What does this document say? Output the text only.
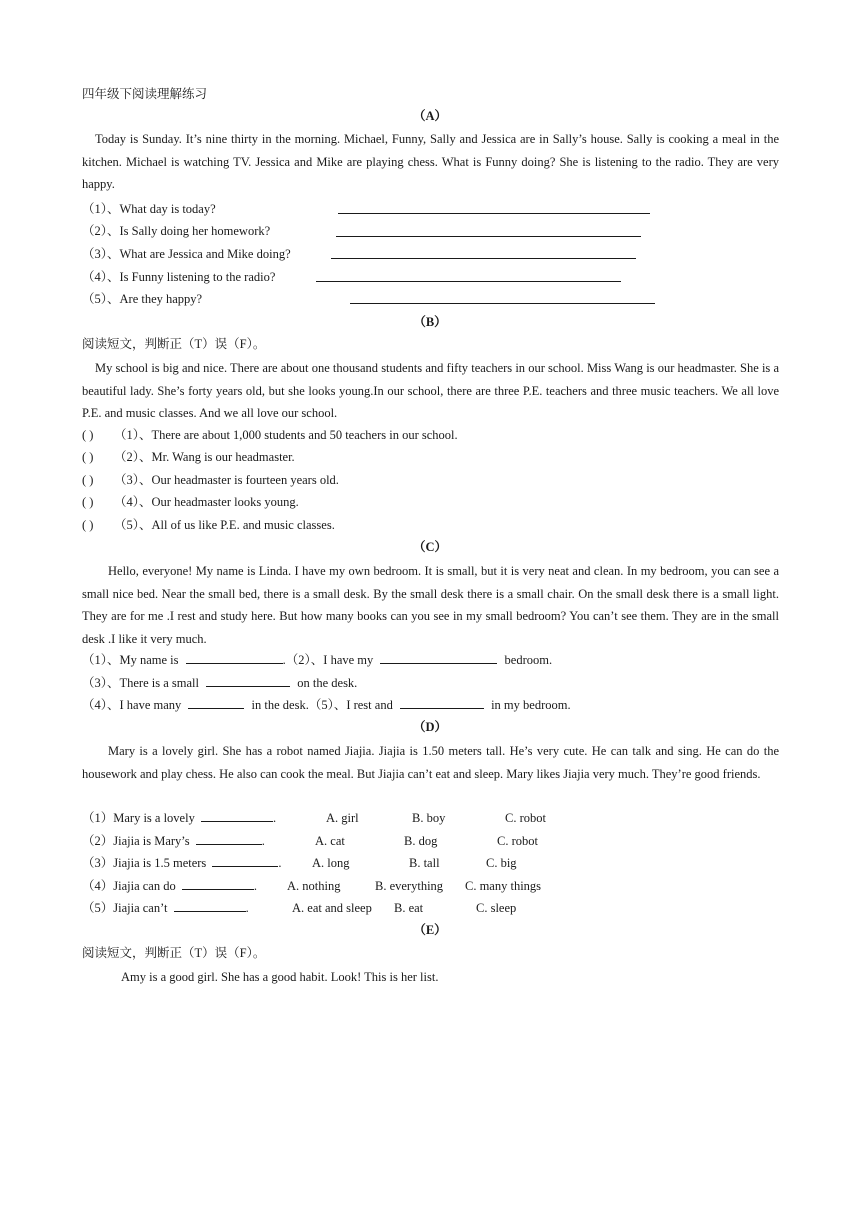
四年级下阅读理解练习
（A）
Today is Sunday. It’s nine thirty in the morning. Michael, Funny, Sally and Jessica are in Sally’s house. Sally is cooking a meal in the kitchen. Michael is watching TV. Jessica and Mike are playing chess. What is Funny doing? She is listening to the radio. They are very happy.
（1）、What day is today?
（2）、Is Sally doing her homework?
（3）、What are Jessica and Mike doing?
（4）、Is Funny listening to the radio?
（5）、Are they happy?
（B）
阅读短文，判断正（T）误（F）。
My school is big and nice. There are about one thousand students and fifty teachers in our school. Miss Wang is our headmaster. She is a beautiful lady. She’s forty years old, but she looks young.In our school, there are three P.E. teachers and three music teachers. We all love P.E. and music classes. And we all love our school.
( ) （1）、There are about 1,000 students and 50 teachers in our school.
( ) （2）、Mr. Wang is our headmaster.
( ) （3）、Our headmaster is fourteen years old.
( ) （4）、Our headmaster looks young.
( ) （5）、All of us like P.E. and music classes.
（C）
Hello, everyone! My name is Linda. I have my own bedroom. It is small, but it is very neat and clean. In my bedroom, you can see a small nice bed. Near the small bed, there is a small desk. By the small desk there is a small chair. On the small desk there is a small light. They are for me .I rest and study here. But how many books can you see in my small bedroom? You can’t see them. They are in the small desk .I like it very much.
（1）、My name is	.（2）、I have my	bedroom.
（3）、There is a small	on the desk.
（4）、I have many	in the desk.（5）、I rest and	in my bedroom.
（D）
Mary is a lovely girl. She has a robot named Jiajia. Jiajia is 1.50 meters tall. He’s very cute. He can talk and sing. He can do the housework and play chess. He also can cook the meal. But Jiajia can’t eat and sleep. Mary likes Jiajia very much. They’re good friends.
（1）Mary is a lovely	.	A. girl	B. boy	C. robot
（2）Jiajia is Mary’s	.	A. cat	B. dog	C. robot
（3）Jiajia is 1.5 meters	. A. long	B. tall	C. big
（4）Jiajia can do	. A. nothing	B. everything C. many things
（5）Jiajia can’t	.	A. eat and sleep B. eat	C. sleep
（E）
阅读短文，判断正（T）误（F）。
Amy is a good girl. She has a good habit. Look! This is her list.
